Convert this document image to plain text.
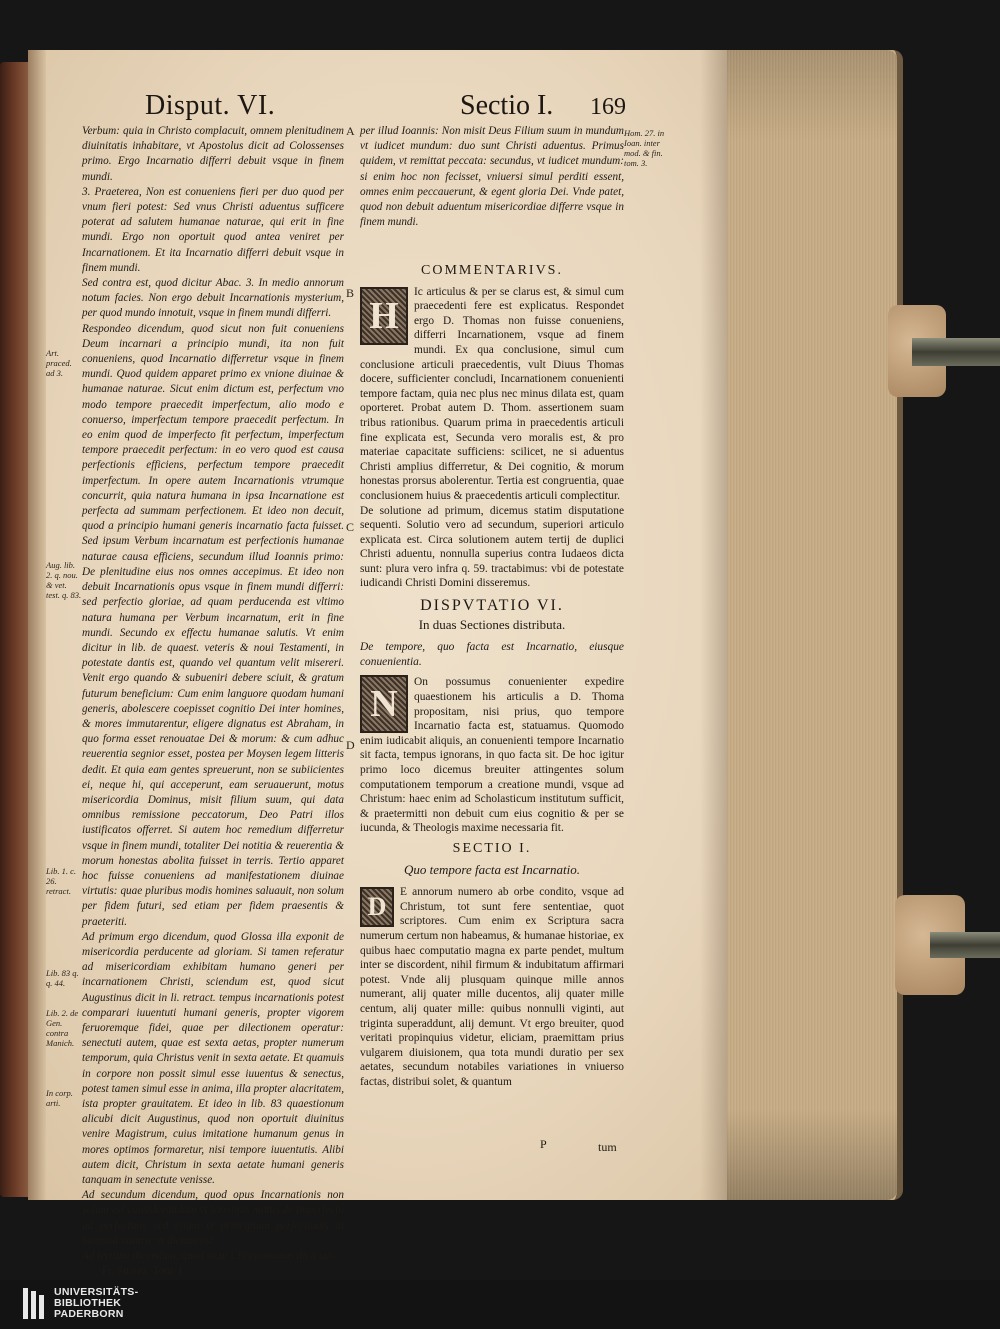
Disput. VI.	Sectio I. 169

Verbum: quia in Christo complacuit, omnem plenitudinem diuinitatis inhabitare, vt Apostolus dicit ad Colossenses primo. Ergo Incarnatio differri debuit vsque in finem mundi.

3. Praeterea, Non est conueniens fieri per duo quod per vnum fieri potest: Sed vnus Christi aduentus sufficere poterat ad salutem humanae naturae, qui erit in fine mundi. Ergo non oportuit quod antea veniret per Incarnationem. Et ita Incarnatio differri debuit vsque in finem mundi.

Sed contra est, quod dicitur Abac. 3. In medio annorum notum facies. Non ergo debuit Incarnationis mysterium, per quod mundo innotuit, vsque in finem mundi differri.

Respondeo dicendum, quod sicut non fuit conueniens Deum incarnari a principio mundi, ita non fuit conueniens, quod Incarnatio differretur vsque in finem mundi. Quod quidem apparet primo ex vnione diuinae & humanae naturae. Sicut enim dictum est, perfectum vno modo tempore praecedit imperfectum, alio modo e conuerso, imperfectum tempore praecedit perfectum. In eo enim quod de imperfecto fit perfectum, imperfectum tempore praecedit perfectum: in eo vero quod est causa perfectionis efficiens, perfectum tempore praecedit imperfectum. In opere autem Incarnationis vtrumque concurrit, quia natura humana in ipsa Incarnatione est perfecta ad summam perfectionem. Et ideo non decuit, quod a principio humani generis incarnatio facta fuisset. Sed ipsum Verbum incarnatum est perfectionis humanae naturae causa efficiens, secundum illud Ioannis primo: De plenitudine eius nos omnes accepimus. Et ideo non debuit Incarnationis opus vsque in finem mundi differri: sed perfectio gloriae, ad quam perducenda est vltimo natura humana per Verbum incarnatum, erit in fine mundi. Secundo ex effectu humanae salutis. Vt enim dicitur in lib. de quaest. veteris & noui Testamenti, in potestate dantis est, quando vel quantum velit misereri. Venit ergo quando & subueniri debere sciuit, & gratum futurum beneficium: Cum enim languore quodam humani generis, abolescere coepisset cognitio Dei inter homines, & mores immutarentur, eligere dignatus est Abraham, in quo forma esset renouatae Dei & morum: & cum adhuc reuerentia segnior esset, postea per Moysen legem litteris dedit. Et quia eam gentes spreuerunt, non se subiicientes ei, neque hi, qui acceperunt, eam seruauerunt, motus misericordia Dominus, misit filium suum, qui data omnibus remissione peccatorum, Deo Patri illos iustificatos offerret. Si autem hoc remedium differretur vsque in finem mundi, totaliter Dei notitia & reuerentia & morum honestas abolita fuisset in terris. Tertio apparet hoc fuisse conueniens ad manifestationem diuinae virtutis: quae pluribus modis homines saluauit, non solum per fidem futuri, sed etiam per fidem praesentis & praeteriti.

Ad primum ergo dicendum, quod Glossa illa exponit de misericordia perducente ad gloriam. Si tamen referatur ad misericordiam exhibitam humano generi per incarnationem Christi, sciendum est, quod sicut Augustinus dicit in li. retract. tempus incarnationis potest comparari iuuentuti humani generis, propter vigorem feruoremque fidei, quae per dilectionem operatur: senectuti autem, quae est sexta aetas, propter numerum temporum, quia Christus venit in sexta aetate. Et quamuis in corpore non possit simul esse iuuentus & senectus, potest tamen simul esse in anima, illa propter alacritatem, ista propter grauitatem. Et ideo in lib. 83 quaestionum alicubi dicit Augustinus, quod non oportuit diuinitus venire Magistrum, cuius imitatione humanum genus in mores optimos formaretur, nisi tempore iuuentutis. Alibi autem dicit, Christum in sexta aetate humani generis tanquam in senectute venisse.

Ad secundum dicendum, quod opus Incarnationis non solum est considerandum vt terminus motus de imperfecto ad perfectum, sed etiam vt principium perfectionis in humana natura, vt dictum est.

Ad tertium dicendum, quod sicut Chrysostomus dicit su-

Fr. Suarez, Tom. I.

per illud Ioannis: Non misit Deus Filium suum in mundum vt iudicet mundum: duo sunt Christi aduentus. Primus quidem, vt remittat peccata: secundus, vt iudicet mundum: si enim hoc non fecisset, vniuersi simul perditi essent, omnes enim peccauerunt, & egent gloria Dei. Vnde patet, quod non debuit aduentum misericordiae differre vsque in finem mundi.

COMMENTARIVS.
H

Ic articulus & per se clarus est, & simul cum praecedenti fere est explicatus. Respondet ergo D. Thomas non fuisse conueniens, differri Incarnationem, vsque ad finem mundi. Ex qua conclusione, simul cum conclusione articuli praecedentis, vult Diuus Thomas docere, sufficienter concludi, Incarnationem conuenienti tempore factam, quia nec plus nec minus dilata est, quam oporteret. Probat autem D. Thom. assertionem suam tribus rationibus. Quarum prima in praecedentis articuli fine explicata est, Secunda vero moralis est, & pro materiae capacitate sufficiens: scilicet, ne si aduentus Christi amplius differretur, & Dei cognitio, & morum honestas prorsus abolerentur. Tertia est congruentia, quae conclusionem huius & praecedentis articuli complectitur.

De solutione ad primum, dicemus statim disputatione sequenti. Solutio vero ad secundum, superiori articulo explicata est. Circa solutionem autem tertij de duplici Christi aduentu, nonnulla superius contra Iudaeos dicta sunt: plura vero infra q. 59. tractabimus: vbi de potestate iudicandi Christi Domini disseremus.

DISPVTATIO VI.
In duas Sectiones distributa.

De tempore, quo facta est Incarnatio, eiusque conuenientia.

N

On possumus conuenienter expedire quaestionem his articulis a D. Thoma propositam, nisi prius, quo tempore Incarnatio facta est, statuamus. Quomodo enim iudicabit aliquis, an conuenienti tempore Incarnatio sit facta, tempus ignorans, in quo facta sit. De hoc igitur primo loco dicemus breuiter attingentes solum computationem temporum a creatione mundi, vsque ad Christum: haec enim ad Scholasticum institutum sufficit, & praetermitti non debuit cum eius cognitio & per se iucunda, & Theologis maxime necessaria fit.

SECTIO I.
Quo tempore facta est Incarnatio.
D	E annorum numero ab orbe condito, vsque ad Christum, tot sunt fere sententiae, quot scriptores. Cum enim ex Scriptura sacra numerum certum non habeamus, & humanae historiae, ex quibus haec computatio magna ex parte pendet, multum inter se discordent, nihil firmum & indubitatum affirmari potest. Vnde alij plusquam quinque mille annos numerant, alij quater mille ducentos, alij quater mille centum, alij quater mille: quibus nonnulli viginti, aut triginta superaddunt, alij demunt. Vt ergo breuiter, quod veritati propinquius videtur, eliciam, praemittam prius vulgarem diuisionem, qua tota mundi duratio per sex aetates, secundum notabiles variationes in vniuerso factas, distribui solet, & quantum

P	tum
A
B
C
D
Art. praced. ad 3.
Aug. lib. 2. q. nou. & vet. test. q. 83.
Lib. 1. c. 26. retract.
Lib. 83 q. q. 44.
Lib. 2. de Gen. contra Manich.
In corp. arti.
Hom. 27. in Ioan. inter mod. & fin. tom. 3.
UNIVERSITÄTS-
BIBLIOTHEK
PADERBORN
